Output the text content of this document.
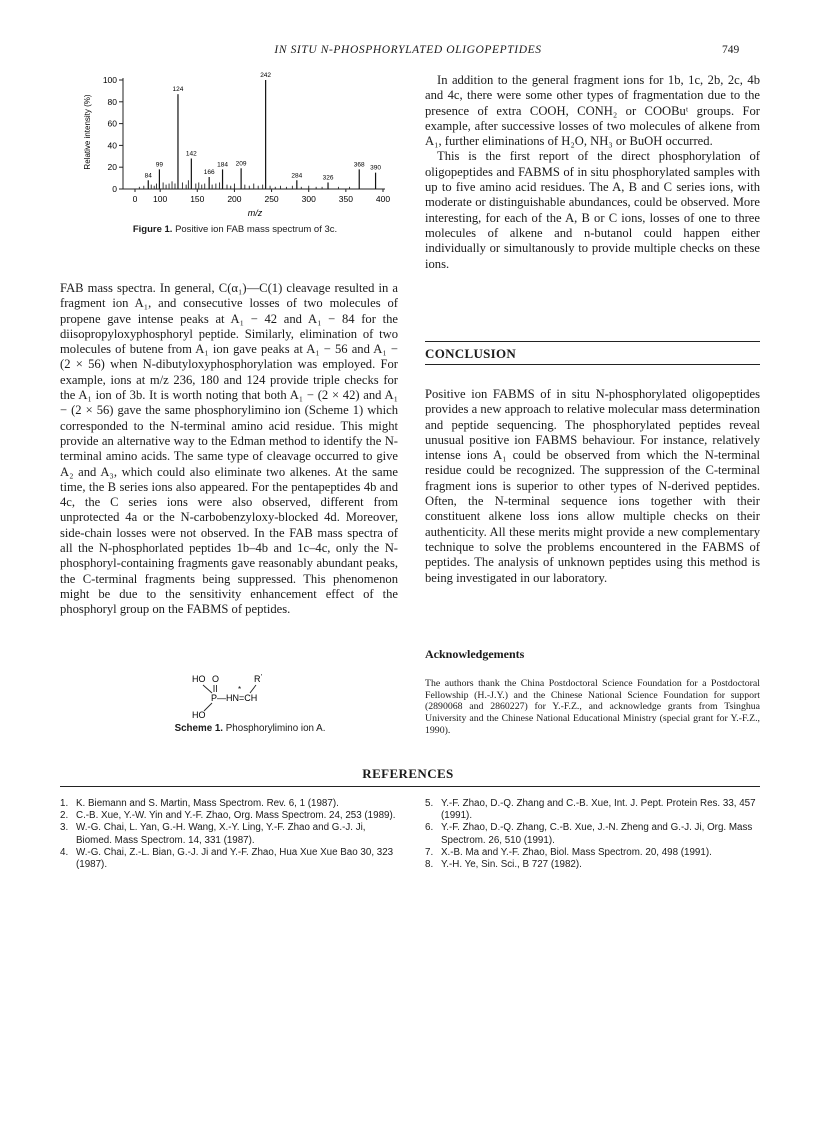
IN SITU N-PHOSPHORYLATED OLIGOPEPTIDES	749
84
99
124
142
166
184 209
242
284	326
368 390
0
20
40
60
80
100
0 100	150	200	250	300	350	400
Relative intensity (%)
m/z
Figure 1. Positive ion FAB mass spectrum of 3c.

FAB mass spectra. In general, C(α₁)—C(1) cleavage resulted in a fragment ion A₁, and consecutive losses of two molecules of propene gave intense peaks at A₁ − 42 and A₁ − 84 for the diisopropyloxyphosphoryl peptide. Similarly, elimination of two molecules of butene from A₁ ion gave peaks at A₁ − 56 and A₁ − (2 × 56) when N-dibutyloxyphosphorylation was employed. For example, ions at m/z 236, 180 and 124 provide triple checks for the A₁ ion of 3b. It is worth noting that both A₁ − (2 × 42) and A₁ − (2 × 56) gave the same phosphorylimino ion (Scheme 1) which corresponded to the N-terminal amino acid residue. This might provide an alternative way to the Edman method to identify the N-terminal amino acids. The same type of cleavage occurred to give A₂ and A₃, which could also eliminate two alkenes. At the same time, the B series ions also appeared. For the pentapeptides 4b and 4c, the C series ions were also observed, different from unprotected 4a or the N-carbobenzyloxy-blocked 4d. Moreover, side-chain losses were not observed. In the FAB mass spectra of all the N-phosphorlated peptides 1b–4b and 1c–4c, only the N-phosphoryl-containing fragments gave reasonably abundant peaks, the C-terminal fragments being suppressed. This phenomenon might be due to the sensitivity enhancement effect of the phosphoryl group on the FABMS of peptides.

HO O	R '
*
P—HN=CH
HO
Scheme 1. Phosphorylimino ion A.

In addition to the general fragment ions for 1b, 1c, 2b, 2c, 4b and 4c, there were some other types of fragmentation due to the presence of extra COOH, CONH₂ or COOBuᵗ groups. For example, after successive losses of two molecules of alkene from A₁, further eliminations of H₂O, NH₃ or BuOH occurred.

This is the first report of the direct phosphorylation of oligopeptides and FABMS of in situ phosphorylated samples with up to five amino acid residues. The A, B and C series ions, with moderate or distinguishable abundances, could be observed. More interesting, for each of the A, B or C ions, losses of one to three molecules of alkene and n-butanol could happen either individually or simultanously to provide multiple checks on these ions.

CONCLUSION

Positive ion FABMS of in situ N-phosphorylated oligopeptides provides a new approach to relative molecular mass determination and peptide sequencing. The phosphorylated peptides reveal unusual positive ion FABMS behaviour. For instance, relatively intense ions A₁ could be observed from which the N-terminal residue could be recognized. The suppression of the C-terminal fragment ions is superior to other types of N-derived peptides. Often, the N-terminal sequence ions together with their constituent alkene loss ions allow multiple checks on their authenticity. All these merits might provide a new complementary technique to solve the problems encountered in the FABMS of peptides. The analysis of unknown peptides using this method is being investigated in our laboratory.

Acknowledgements

The authors thank the China Postdoctoral Science Foundation for a Postdoctoral Fellowship (H.-J.Y.) and the Chinese National Science Foundation for support (2890068 and 2860227) for Y.-F.Z., and acknowledge grants from Tsinghua University and the Chinese National Educational Ministry (special grant for Y.-F.Z., 1990).

REFERENCES
1. K. Biemann and S. Martin, Mass Spectrom. Rev. 6, 1 (1987).
2. C.-B. Xue, Y.-W. Yin and Y.-F. Zhao, Org. Mass Spectrom. 24, 253 (1989).
3. W.-G. Chai, L. Yan, G.-H. Wang, X.-Y. Ling, Y.-F. Zhao and G.-J. Ji, Biomed. Mass Spectrom. 14, 331 (1987).
4. W.-G. Chai, Z.-L. Bian, G.-J. Ji and Y.-F. Zhao, Hua Xue Xue Bao 30, 323 (1987).
5. Y.-F. Zhao, D.-Q. Zhang and C.-B. Xue, Int. J. Pept. Protein Res. 33, 457 (1991).
6. Y.-F. Zhao, D.-Q. Zhang, C.-B. Xue, J.-N. Zheng and G.-J. Ji, Org. Mass Spectrom. 26, 510 (1991).
7. X.-B. Ma and Y.-F. Zhao, Biol. Mass Spectrom. 20, 498 (1991).
8. Y.-H. Ye, Sin. Sci., B 727 (1982).
